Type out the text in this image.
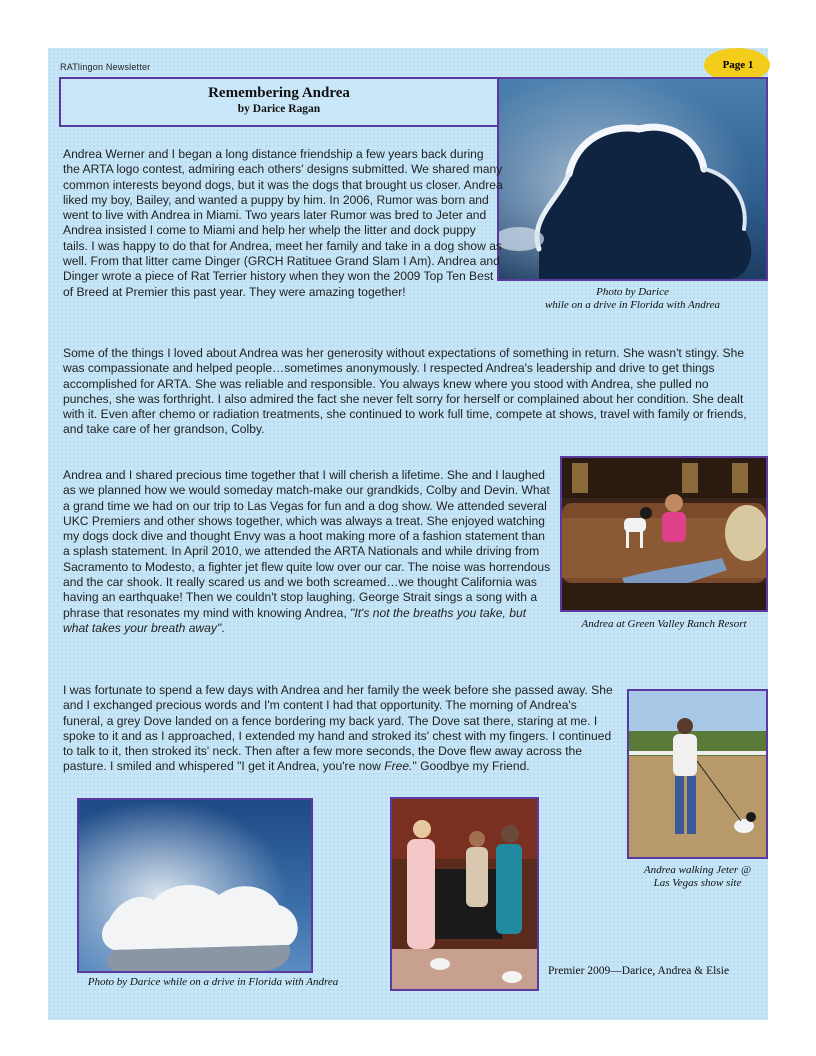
RATlingon Newsletter	Page 1
Remembering Andrea
by Darice Ragan
Photo by Darice
while on a drive in Florida with Andrea
Andrea Werner and I began a long distance friendship a few years back during the ARTA logo contest, admiring each others' designs submitted. We shared many common interests beyond dogs, but it was the dogs that brought us closer. Andrea liked my boy, Bailey, and wanted a puppy by him. In 2006, Rumor was born and went to live with Andrea in Miami. Two years later Rumor was bred to Jeter and Andrea insisted I come to Miami and help her whelp the litter and dock puppy tails. I was happy to do that for Andrea, meet her family and take in a dog show as well. From that litter came Dinger (GRCH Ratituee Grand Slam I Am). Andrea and Dinger wrote a piece of Rat Terrier history when they won the 2009 Top Ten Best of Breed at Premier this past year. They were amazing together!
Some of the things I loved about Andrea was her generosity without expectations of something in return. She wasn't stingy. She was compassionate and helped people…sometimes anonymously. I respected Andrea's leadership and drive to get things accomplished for ARTA. She was reliable and responsible. You always knew where you stood with Andrea, she pulled no punches, she was forthright. I also admired the fact she never felt sorry for herself or complained about her condition. She dealt with it. Even after chemo or radiation treatments, she continued to work full time, compete at shows, travel with family or friends, and take care of her grandson, Colby.
Andrea at Green Valley Ranch Resort
Andrea and I shared precious time together that I will cherish a lifetime. She and I laughed as we planned how we would someday match-make our grandkids, Colby and Devin. What a grand time we had on our trip to Las Vegas for fun and a dog show. We attended several UKC Premiers and other shows together, which was always a treat. She enjoyed watching my dogs dock dive and thought Envy was a hoot making more of a fashion statement than a splash statement. In April 2010, we attended the ARTA Nationals and while driving from Sacramento to Modesto, a fighter jet flew quite low over our car. The noise was horrendous and the car shook. It really scared us and we both screamed…we thought California was having an earthquake! Then we couldn't stop laughing. George Strait sings a song with a phrase that resonates my mind with knowing Andrea, "It's not the breaths you take, but what takes your breath away".
Andrea walking Jeter @
Las Vegas show site
I was fortunate to spend a few days with Andrea and her family the week before she passed away. She and I exchanged precious words and I'm content I had that opportunity. The morning of Andrea's funeral, a grey Dove landed on a fence bordering my back yard. The Dove sat there, staring at me. I spoke to it and as I approached, I extended my hand and stroked its' chest with my fingers. I continued to talk to it, then stroked its' neck. Then after a few more seconds, the Dove flew away across the pasture. I smiled and whispered "I get it Andrea, you're now Free." Goodbye my Friend.
Photo by Darice while on a drive in Florida with Andrea
Premier 2009—Darice, Andrea & Elsie
